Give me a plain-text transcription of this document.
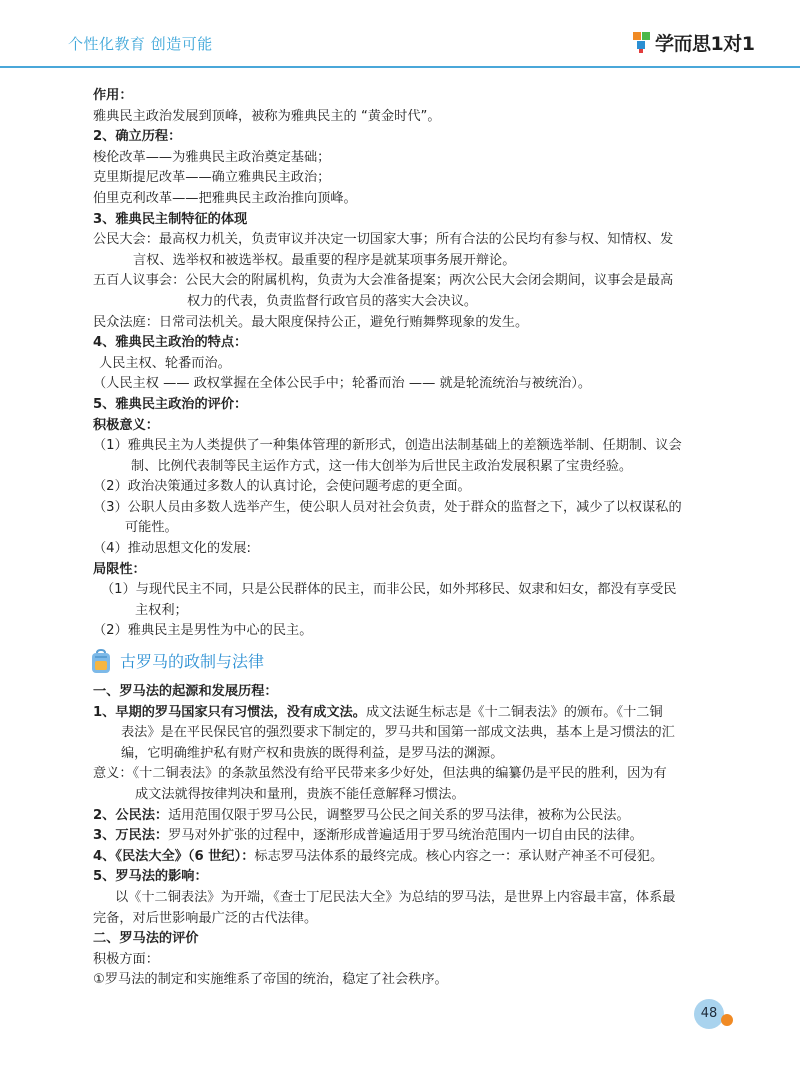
个性化教育 创造可能	学而思1对1
作用：
雅典民主政治发展到顶峰，被称为雅典民主的 “黄金时代”。
2、确立历程：
梭伦改革——为雅典民主政治奠定基础；
克里斯提尼改革——确立雅典民主政治；
伯里克利改革——把雅典民主政治推向顶峰。
3、雅典民主制特征的体现
公民大会：最高权力机关，负责审议并决定一切国家大事；所有合法的公民均有参与权、知情权、发
言权、选举权和被选举权。最重要的程序是就某项事务展开辩论。
五百人议事会：公民大会的附属机构，负责为大会准备提案；两次公民大会闭会期间，议事会是最高
权力的代表，负责监督行政官员的落实大会决议。
民众法庭：日常司法机关。最大限度保持公正，避免行贿舞弊现象的发生。
4、雅典民主政治的特点：
人民主权、轮番而治。
（人民主权 —— 政权掌握在全体公民手中；轮番而治 —— 就是轮流统治与被统治）。
5、雅典民主政治的评价：
积极意义：
（1）雅典民主为人类提供了一种集体管理的新形式，创造出法制基础上的差额选举制、任期制、议会
制、比例代表制等民主运作方式，这一伟大创举为后世民主政治发展积累了宝贵经验。
（2）政治决策通过多数人的认真讨论，会使问题考虑的更全面。
（3）公职人员由多数人选举产生，使公职人员对社会负责，处于群众的监督之下，减少了以权谋私的
可能性。
（4）推动思想文化的发展:
局限性：
（1）与现代民主不同，只是公民群体的民主，而非公民，如外邦移民、奴隶和妇女，都没有享受民
主权利；
（2）雅典民主是男性为中心的民主。
古罗马的政制与法律
一、罗马法的起源和发展历程：
1、早期的罗马国家只有习惯法，没有成文法。成文法诞生标志是《十二铜表法》的颁布。《十二铜
表法》是在平民保民官的强烈要求下制定的，罗马共和国第一部成文法典，基本上是习惯法的汇
编，它明确维护私有财产权和贵族的既得利益，是罗马法的渊源。
意义：《十二铜表法》的条款虽然没有给平民带来多少好处，但法典的编纂仍是平民的胜利，因为有
成文法就得按律判决和量刑，贵族不能任意解释习惯法。
2、公民法：适用范围仅限于罗马公民，调整罗马公民之间关系的罗马法律，被称为公民法。
3、万民法：罗马对外扩张的过程中，逐渐形成普遍适用于罗马统治范围内一切自由民的法律。
4、《民法大全》（6 世纪）：标志罗马法体系的最终完成。核心内容之一：承认财产神圣不可侵犯。
5、罗马法的影响：
以《十二铜表法》为开端，《查士丁尼民法大全》为总结的罗马法，是世界上内容最丰富，体系最
完备，对后世影响最广泛的古代法律。
二、罗马法的评价
积极方面：
①罗马法的制定和实施维系了帝国的统治，稳定了社会秩序。
48
